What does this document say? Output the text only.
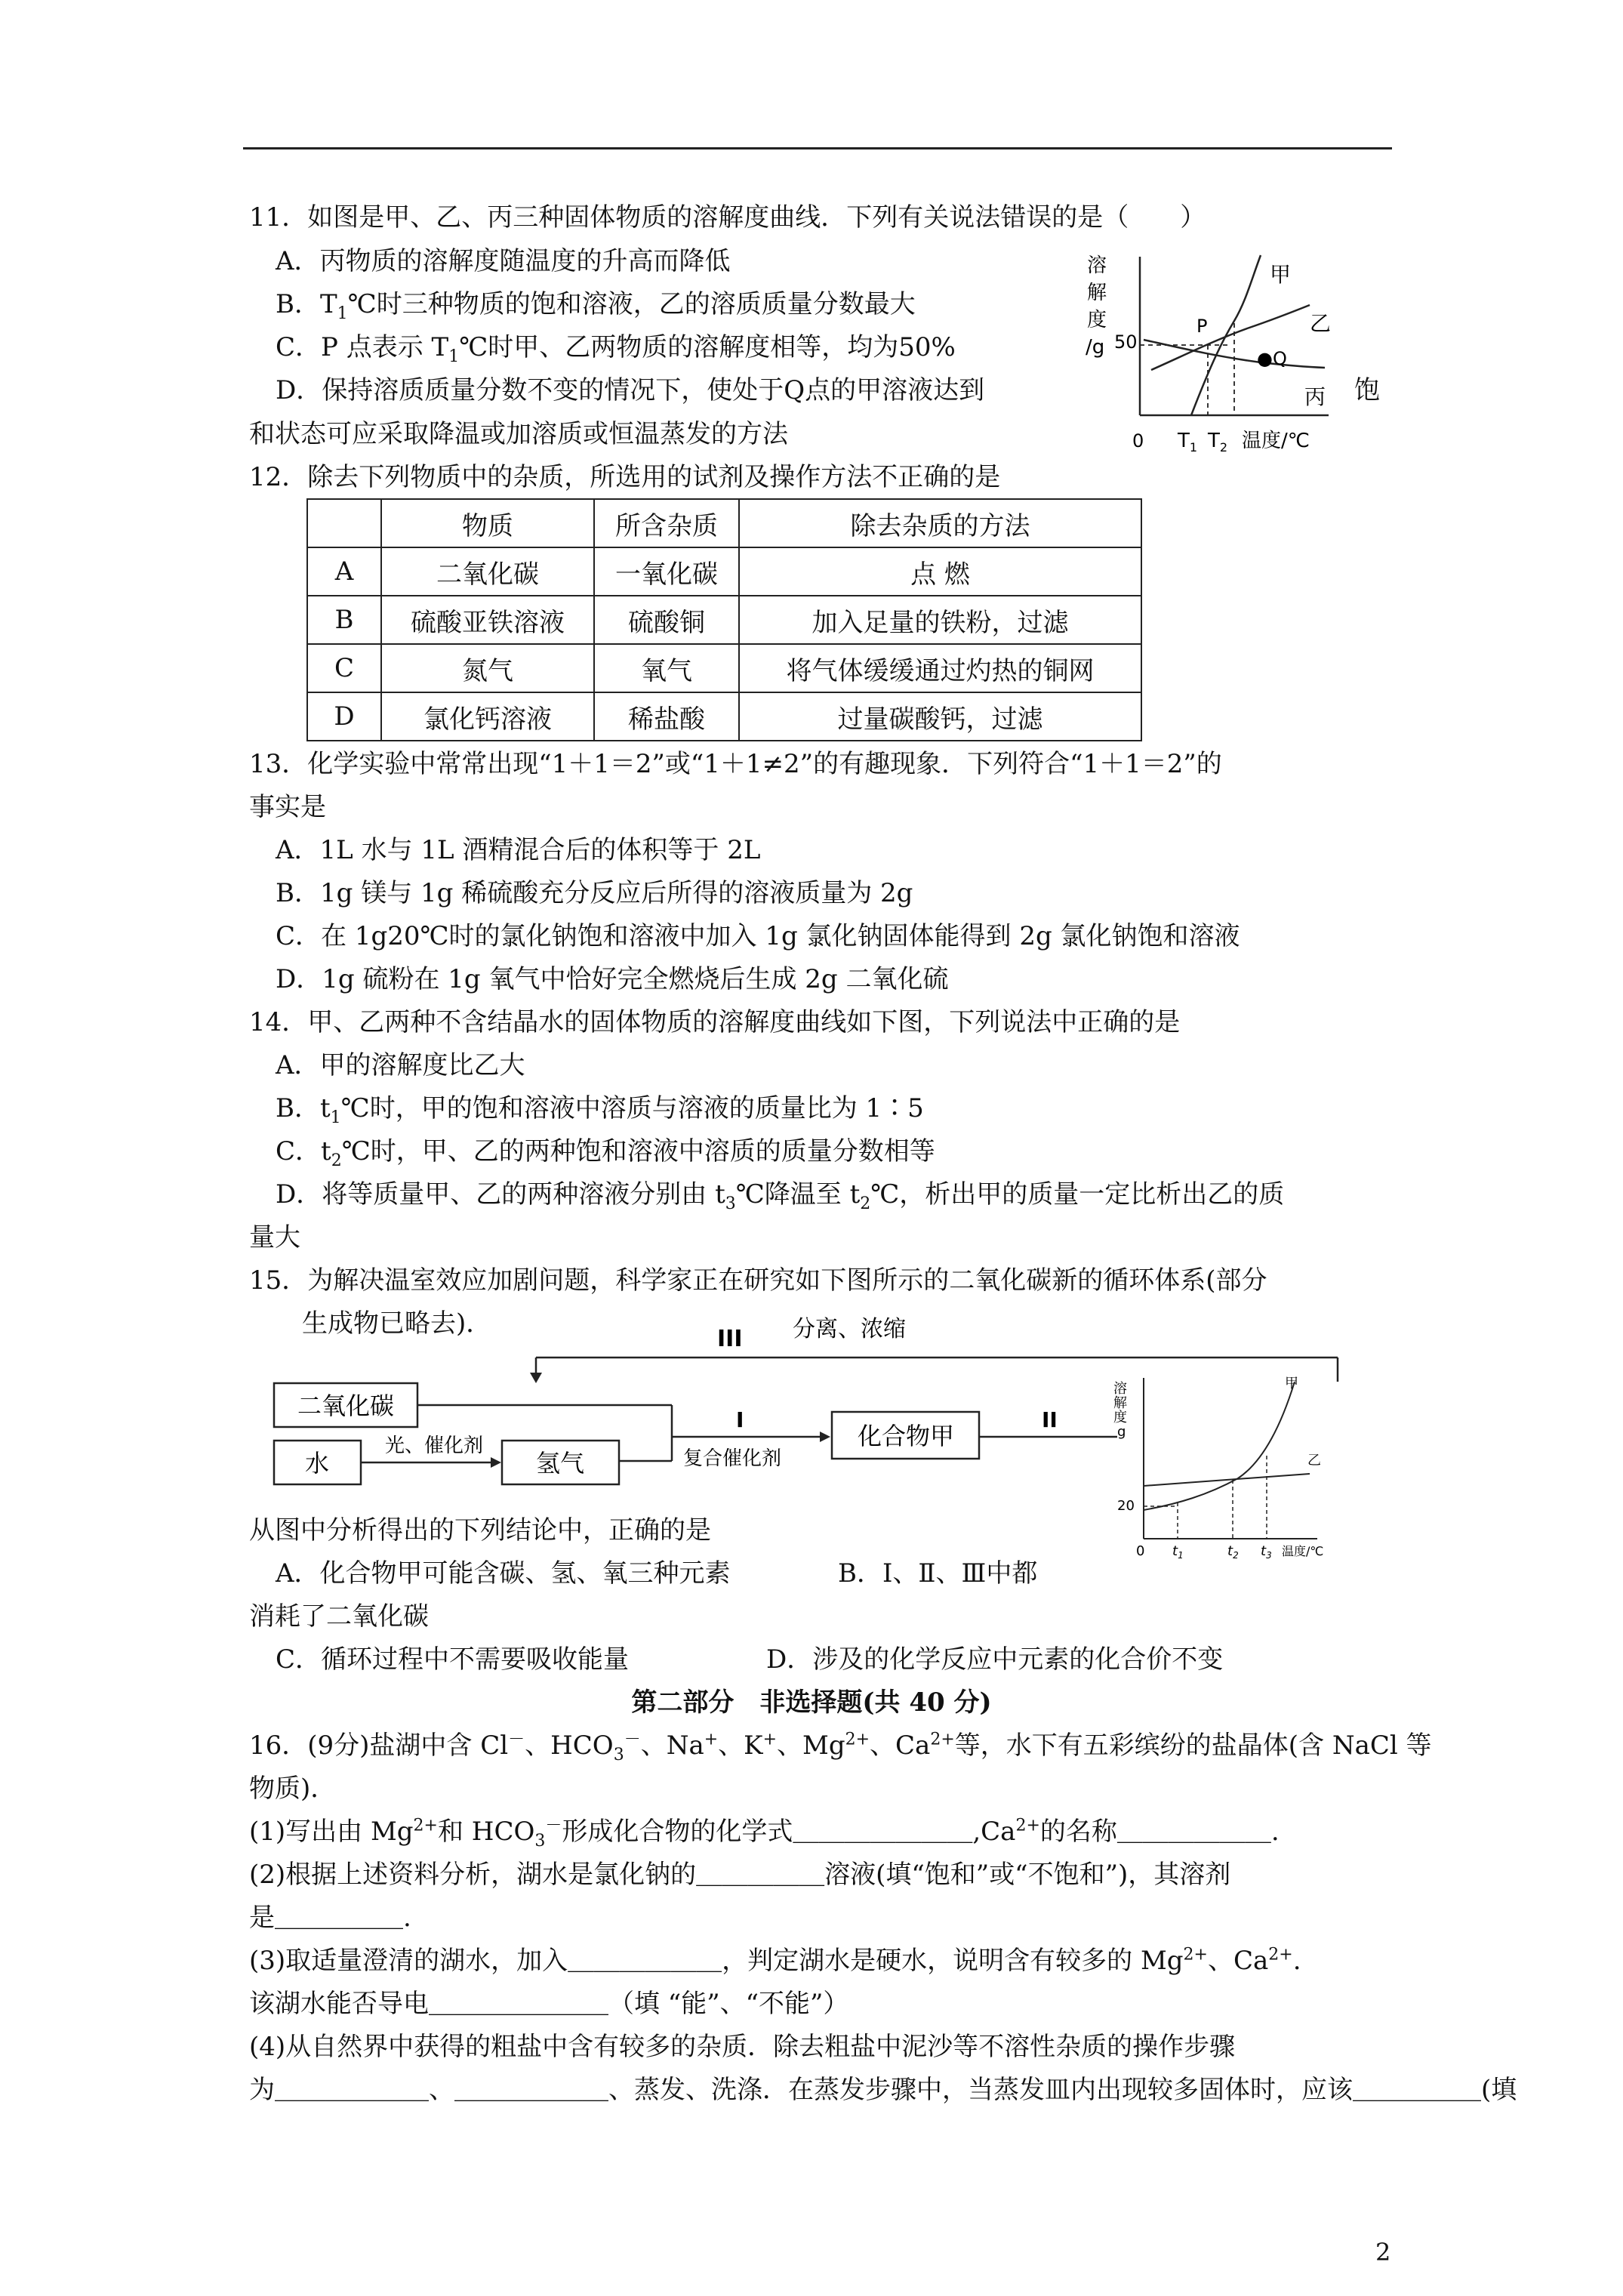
11．如图是甲、乙、丙三种固体物质的溶解度曲线．下列有关说法错误的是（　　）
A．丙物质的溶解度随温度的升高而降低
B．$T_1℃$时三种物质的饱和溶液，乙的溶质质量分数最大
C．P 点表示 $T_1℃$时甲、乙两物质的溶解度相等，均为50%
D．保持溶质质量分数不变的情况下，使处于Q点的甲溶液达到	饱
和状态可应采取降温或加溶质或恒温蒸发的方法
溶
解
度
/g 50
P
●Q
甲
乙
丙
0 $T_1$ $T_2$ 温度/℃
12．除去下列物质中的杂质，所选用的试剂及操作方法不正确的是
	物质	所含杂质	除去杂质的方法
A	二氧化碳	一氧化碳	点 燃
B	硫酸亚铁溶液	硫酸铜	加入足量的铁粉，过滤
C	氮气	氧气	将气体缓缓通过灼热的铜网
D	氯化钙溶液	稀盐酸	过量碳酸钙，过滤
13．化学实验中常常出现“1＋1＝2”或“1＋1≠2”的有趣现象．下列符合“1＋1＝2”的
事实是
A．1L 水与 1L 酒精混合后的体积等于 2L
B．1g 镁与 1g 稀硫酸充分反应后所得的溶液质量为 2g
C．在 1g20℃时的氯化钠饱和溶液中加入 1g 氯化钠固体能得到 2g 氯化钠饱和溶液
D．1g 硫粉在 1g 氧气中恰好完全燃烧后生成 2g 二氧化硫
14．甲、乙两种不含结晶水的固体物质的溶解度曲线如下图，下列说法中正确的是
A．甲的溶解度比乙大
B．$t_1℃$时，甲的饱和溶液中溶质与溶液的质量比为 1∶5
C．$t_2℃$时，甲、乙的两种饱和溶液中溶质的质量分数相等
D．将等质量甲、乙的两种溶液分别由 $t_3℃$降温至 $t_2℃$，析出甲的质量一定比析出乙的质
量大
15．为解决温室效应加剧问题，科学家正在研究如下图所示的二氧化碳新的循环体系(部分
生成物已略去)．
III 分离、浓缩
二氧化碳
水
光、催化剂
氢气
I
复合催化剂
化合物甲
II
溶
解
度
g
20
甲
乙
0 $t_1$	$t_2$ $t_3$ 温度/℃
从图中分析得出的下列结论中，正确的是
A．化合物甲可能含碳、氢、氧三种元素	B．Ⅰ、Ⅱ、Ⅲ中都
消耗了二氧化碳
C．循环过程中不需要吸收能量	D．涉及的化学反应中元素的化合价不变
第二部分　非选择题(共 40 分)
16．(9分)盐湖中含 Cl－、$HCO_3^-$、Na+、K+、$Mg^{2+}$、$Ca^{2+}$等，水下有五彩缤纷的盐晶体(含 NaCl 等
物质)．
(1)写出由 $Mg^{2+}$和 $HCO_3^-$形成化合物的化学式$\_\_\_\_\_\_\_,Ca^{2+}$的名称＿＿＿＿＿＿.
(2)根据上述资料分析，湖水是氯化钠的＿＿＿＿＿溶液(填“饱和”或“不饱和”)，其溶剂
是＿＿＿＿＿.
(3)取适量澄清的湖水，加入＿＿＿＿＿＿，判定湖水是硬水，说明含有较多的 $Mg^{2+}$、$Ca^{2+}$.
该湖水能否导电＿＿＿＿＿＿＿（填 “能”、“不能”）
(4)从自然界中获得的粗盐中含有较多的杂质．除去粗盐中泥沙等不溶性杂质的操作步骤
为＿＿＿＿＿＿、＿＿＿＿＿＿、蒸发、洗涤．在蒸发步骤中，当蒸发皿内出现较多固体时，应该＿＿＿＿＿(填
2
